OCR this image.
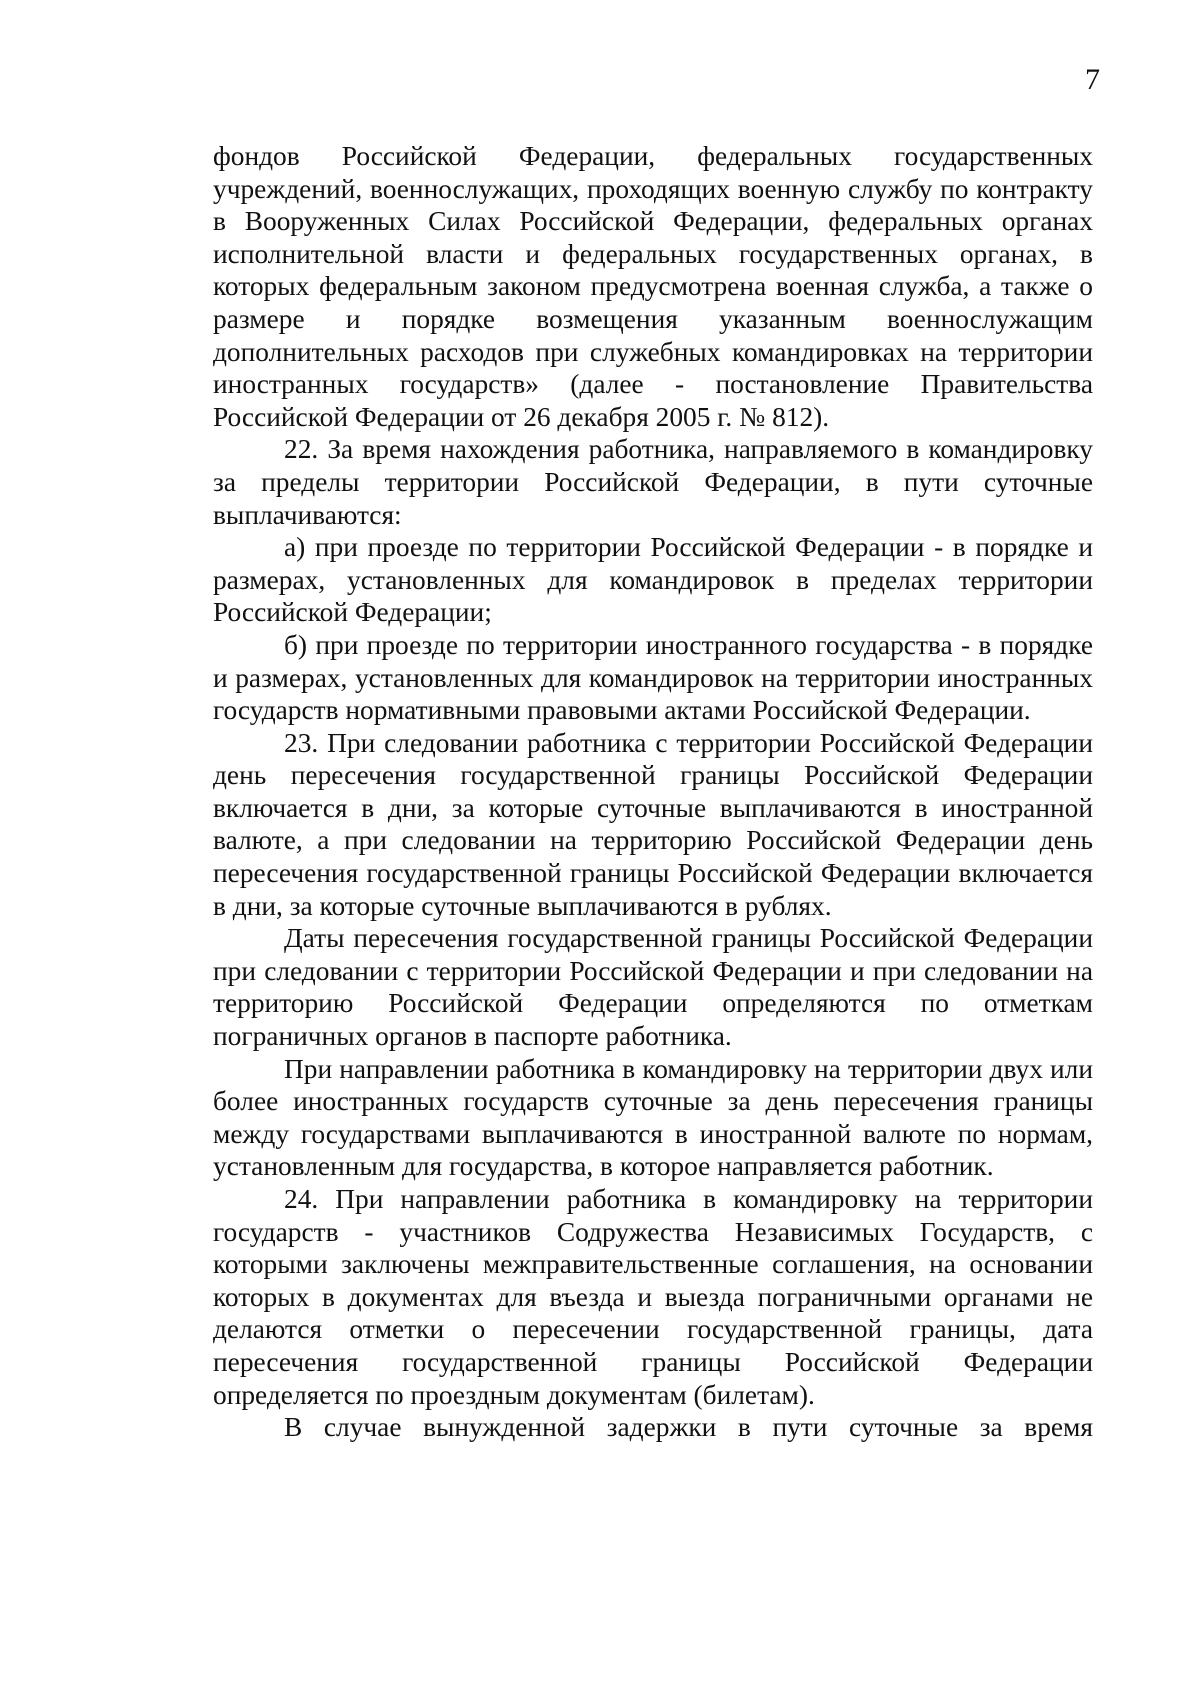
7

фондов Российской Федерации, федеральных государственных учреждений, военнослужащих, проходящих военную службу по контракту в Вооруженных Силах Российской Федерации, федеральных органах исполнительной власти и федеральных государственных органах, в которых федеральным законом предусмотрена военная служба, а также о размере и порядке возмещения указанным военнослужащим дополнительных расходов при служебных командировках на территории иностранных государств» (далее - постановление Правительства Российской Федерации от 26 декабря 2005 г. № 812).

22. За время нахождения работника, направляемого в командировку за пределы территории Российской Федерации, в пути суточные выплачиваются:

а) при проезде по территории Российской Федерации - в порядке и размерах, установленных для командировок в пределах территории Российской Федерации;

б) при проезде по территории иностранного государства - в порядке и размерах, установленных для командировок на территории иностранных государств нормативными правовыми актами Российской Федерации.

23. При следовании работника с территории Российской Федерации день пересечения государственной границы Российской Федерации включается в дни, за которые суточные выплачиваются в иностранной валюте, а при следовании на территорию Российской Федерации день пересечения государственной границы Российской Федерации включается в дни, за которые суточные выплачиваются в рублях.

Даты пересечения государственной границы Российской Федерации при следовании с территории Российской Федерации и при следовании на территорию Российской Федерации определяются по отметкам пограничных органов в паспорте работника.

При направлении работника в командировку на территории двух или более иностранных государств суточные за день пересечения границы между государствами выплачиваются в иностранной валюте по нормам, установленным для государства, в которое направляется работник.

24. При направлении работника в командировку на территории государств - участников Содружества Независимых Государств, с которыми заключены межправительственные соглашения, на основании которых в документах для въезда и выезда пограничными органами не делаются отметки о пересечении государственной границы, дата пересечения государственной границы Российской Федерации определяется по проездным документам (билетам).

В случае вынужденной задержки в пути суточные за время
